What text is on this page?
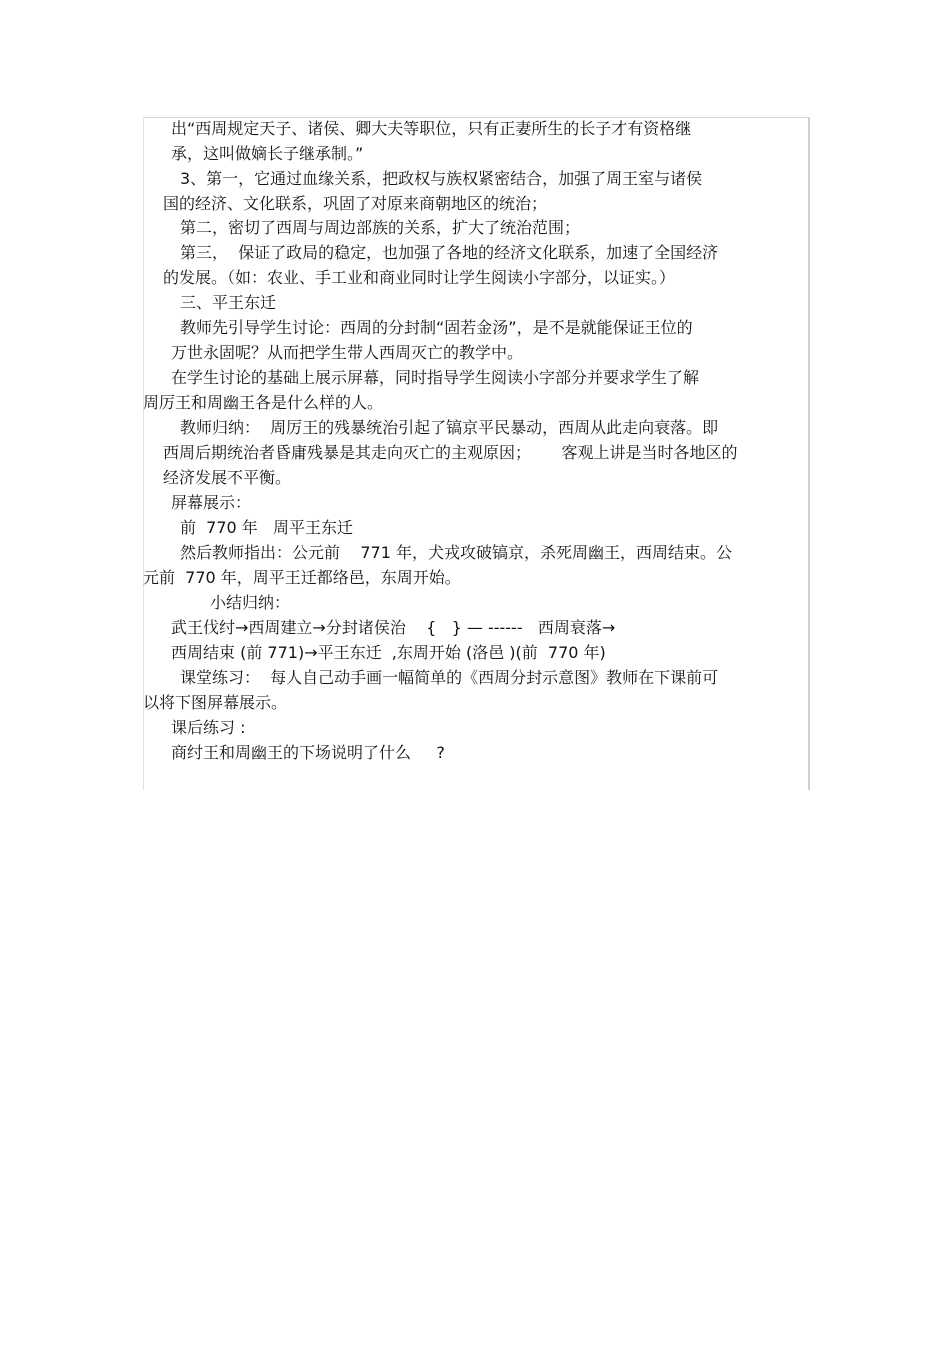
出“西周规定天子、诸侯、卿大夫等职位，只有正妻所生的长子才有资格继
承，这叫做嫡长子继承制。”
3、第一，它通过血缘关系，把政权与族权紧密结合，加强了周王室与诸侯
国的经济、文化联系，巩固了对原来商朝地区的统治；
第二，密切了西周与周边部族的关系，扩大了统治范围；
第三，  保证了政局的稳定，也加强了各地的经济文化联系，加速了全国经济
的发展。（如：农业、手工业和商业同时让学生阅读小字部分，以证实。）
三、平王东迁
教师先引导学生讨论：西周的分封制“固若金汤”，是不是就能保证王位的
万世永固呢？从而把学生带人西周灭亡的教学中。
在学生讨论的基础上展示屏幕，同时指导学生阅读小字部分并要求学生了解
周厉王和周幽王各是什么样的人。
教师归纳：  周厉王的残暴统治引起了镐京平民暴动，西周从此走向衰落。即
西周后期统治者昏庸残暴是其走向灭亡的主观原因；      客观上讲是当时各地区的
经济发展不平衡。
屏幕展示：
前  770 年   周平王东迁
然后教师指出：公元前    771 年，犬戎攻破镐京，杀死周幽王，西周结束。公
元前  770 年，周平王迁都络邑，东周开始。
小结归纳：
武王伐纣→西周建立→分封诸侯治    {   } — ------   西周衰落→
西周结束 (前 771)→平王东迁  ,东周开始 (洛邑 )(前  770 年)
课堂练习：  每人自己动手画一幅简单的《西周分封示意图》教师在下课前可
以将下图屏幕展示。
课后练习 :
商纣王和周幽王的下场说明了什么     ?
